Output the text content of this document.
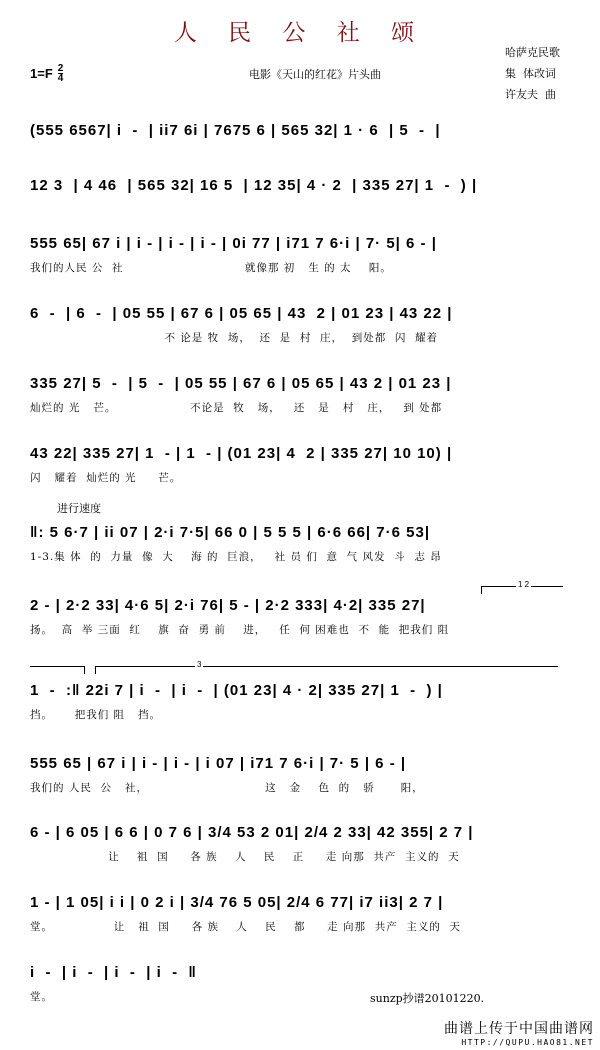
人 民 公 社 颂
$1=F \frac{2}{4}$	电影《天山的红花》片头曲
哈萨克民歌
集  体改词
许友夫  曲
(555 6567| i  -  | ii7 6i | 7675 6 | 565 32| 1 · 6  | 5  -  |
12 3  | 4 46  | 565 32| 16 5  | 12 35| 4 · 2  | 335 27| 1  -  ) |
555 65| 67 i | i - | i - | i - | 0i 77 | i71 7 6·i | 7· 5| 6 - |
我们的人民 公  社                            就像那 初   生 的 太    阳。
6  -  | 6  -  | 05 55 | 67 6 | 05 65 | 43  2 | 01 23 | 43 22 |
不 论是 牧  场，  还  是  村  庄，  到处都  闪  耀着
335 27| 5  -  | 5  -  | 05 55 | 67 6 | 05 65 | 43 2 | 01 23 |
灿烂的 光   芒。                 不论是  牧   场，   还   是   村   庄，   到 处都
43 22| 335 27| 1  - | 1  - | (01 23| 4  2 | 335 27| 10 10) |
闪   耀着  灿烂的 光     芒。
进行速度
‖: 5 6·7 | ii 07 | 2·i 7·5| 66 0 | 5 5 5 | 6·6 66| 7·6 53|
1-3.集 体  的  力量  像  大    海 的  巨浪，   社 员 们  意  气 风发  斗  志 昂
1 2
2 - | 2·2 33| 4·6 5| 2·i 76| 5 - | 2·2 333| 4·2| 335 27|
扬。  高  举 三面  红    旗  奋  勇 前    进，   任  何 困难也  不  能  把我们 阻
3
1  -  :‖ 22i 7 | i  -  | i  -  | (01 23| 4 · 2| 335 27| 1  -  ) |
挡。     把我们 阻   挡。
555 65 | 67 i | i - | i - | i 07 | i71 7 6·i | 7· 5 | 6 - |
我们的 人民  公   社，                           这   金    色  的   骄      阳，
6 - | 6 05 | 6 6 | 0 7 6 | 3/4 53 2 01| 2/4 2 33| 42 355| 2 7 |
让    祖  国     各 族    人    民    正     走 向那  共产  主义的  天
1 - | 1 05| i i | 0 2 i | 3/4 76 5 05| 2/4 6 77| i7 ii3| 2 7 |
堂。              让   祖  国     各 族    人    民    都     走 向那  共产  主义的  天
i  -  | i  -  | i  -  | i  -  ‖
堂。	sunzp抄谱20101220.
曲谱上传于中国曲谱网
HTTP://QUPU.HAO81.NET
